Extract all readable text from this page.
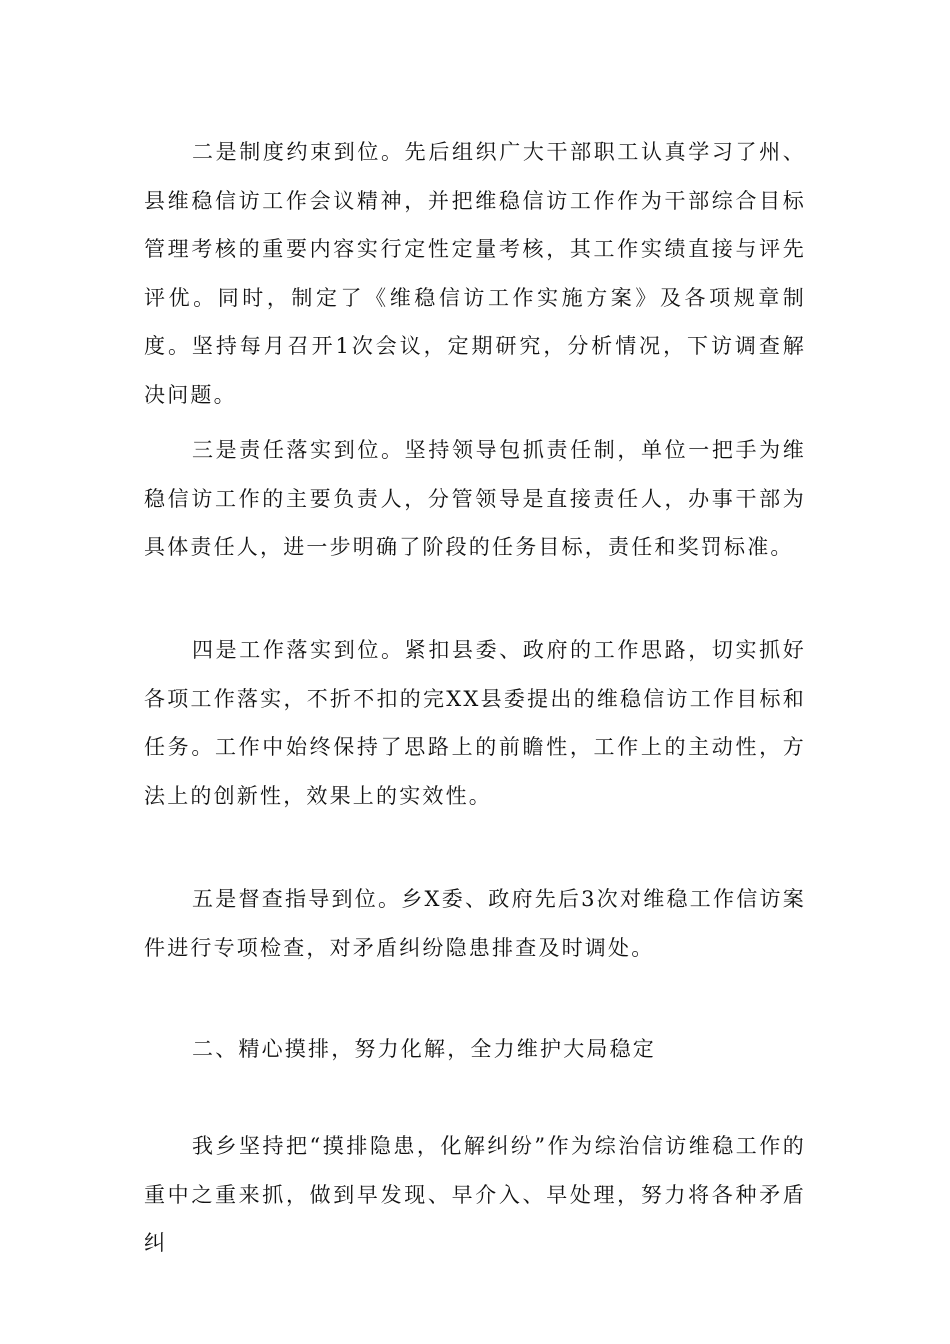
二是制度约束到位。先后组织广大干部职工认真学习了州、县维稳信访工作会议精神，并把维稳信访工作作为干部综合目标管理考核的重要内容实行定性定量考核，其工作实绩直接与评先评优。同时，制定了《维稳信访工作实施方案》及各项规章制度。坚持每月召开1次会议，定期研究，分析情况，下访调查解决问题。

三是责任落实到位。坚持领导包抓责任制，单位一把手为维稳信访工作的主要负责人，分管领导是直接责任人，办事干部为具体责任人，进一步明确了阶段的任务目标，责任和奖罚标准。

四是工作落实到位。紧扣县委、政府的工作思路，切实抓好各项工作落实，不折不扣的完XX县委提出的维稳信访工作目标和任务。工作中始终保持了思路上的前瞻性，工作上的主动性，方法上的创新性，效果上的实效性。

五是督查指导到位。乡X委、政府先后3次对维稳工作信访案件进行专项检查，对矛盾纠纷隐患排查及时调处。

二、精心摸排，努力化解，全力维护大局稳定

我乡坚持把“摸排隐患，化解纠纷”作为综治信访维稳工作的重中之重来抓，做到早发现、早介入、早处理，努力将各种矛盾纠
